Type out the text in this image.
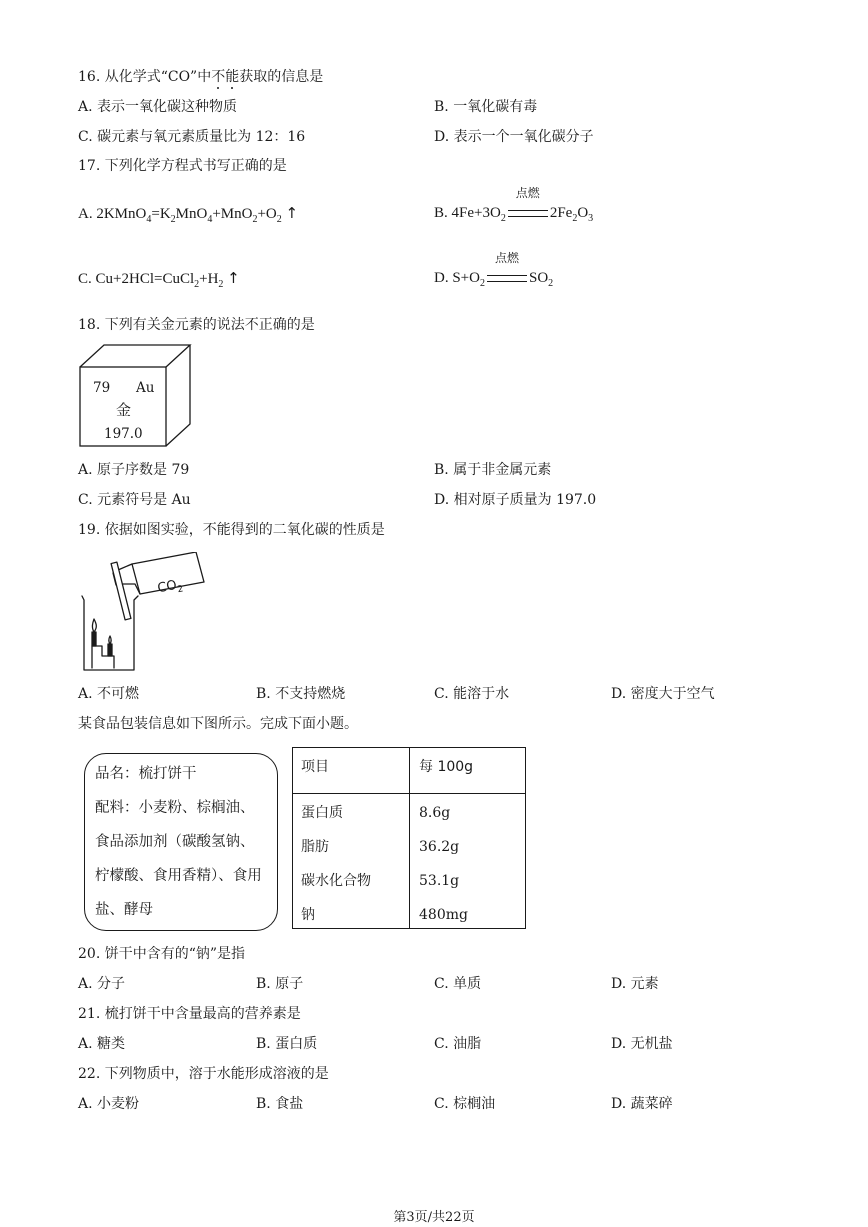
16. 从化学式“CO”中不能获取的信息是
A. 表示一氧化碳这种物质	B. 一氧化碳有毒
C. 碳元素与氧元素质量比为 12：16	D. 表示一个一氧化碳分子
17. 下列化学方程式书写正确的是
A. $2KMnO_4=K_2MnO_4+MnO_2+O_2$ ↑	B. $4Fe+3O_2$
点燃
$2Fe_2O_3$
C. $Cu+2HCl=CuCl_2+H_2$ ↑	D. $S+O_2$
点燃
$SO_2$
18. 下列有关金元素的说法不正确的是
79 Au
金
197.0
A. 原子序数是 79	B. 属于非金属元素
C. 元素符号是 Au	D. 相对原子质量为 197.0
19. 依据如图实验，不能得到的二氧化碳的性质是
$CO_2$
A. 不可燃	B. 不支持燃烧	C. 能溶于水	D. 密度大于空气
某食品包装信息如下图所示。完成下面小题。
品名：梳打饼干
配料：小麦粉、棕榈油、
食品添加剂（碳酸氢钠、
柠檬酸、食用香精）、食用
盐、酵母
项目	每 100g
蛋白质	8.6g
脂肪	36.2g
碳水化合物	53.1g
钠	480mg
20. 饼干中含有的“钠”是指
A. 分子	B. 原子	C. 单质	D. 元素
21. 梳打饼干中含量最高的营养素是
A. 糖类	B. 蛋白质	C. 油脂	D. 无机盐
22. 下列物质中，溶于水能形成溶液的是
A. 小麦粉	B. 食盐	C. 棕榈油	D. 蔬菜碎
第3页/共22页
